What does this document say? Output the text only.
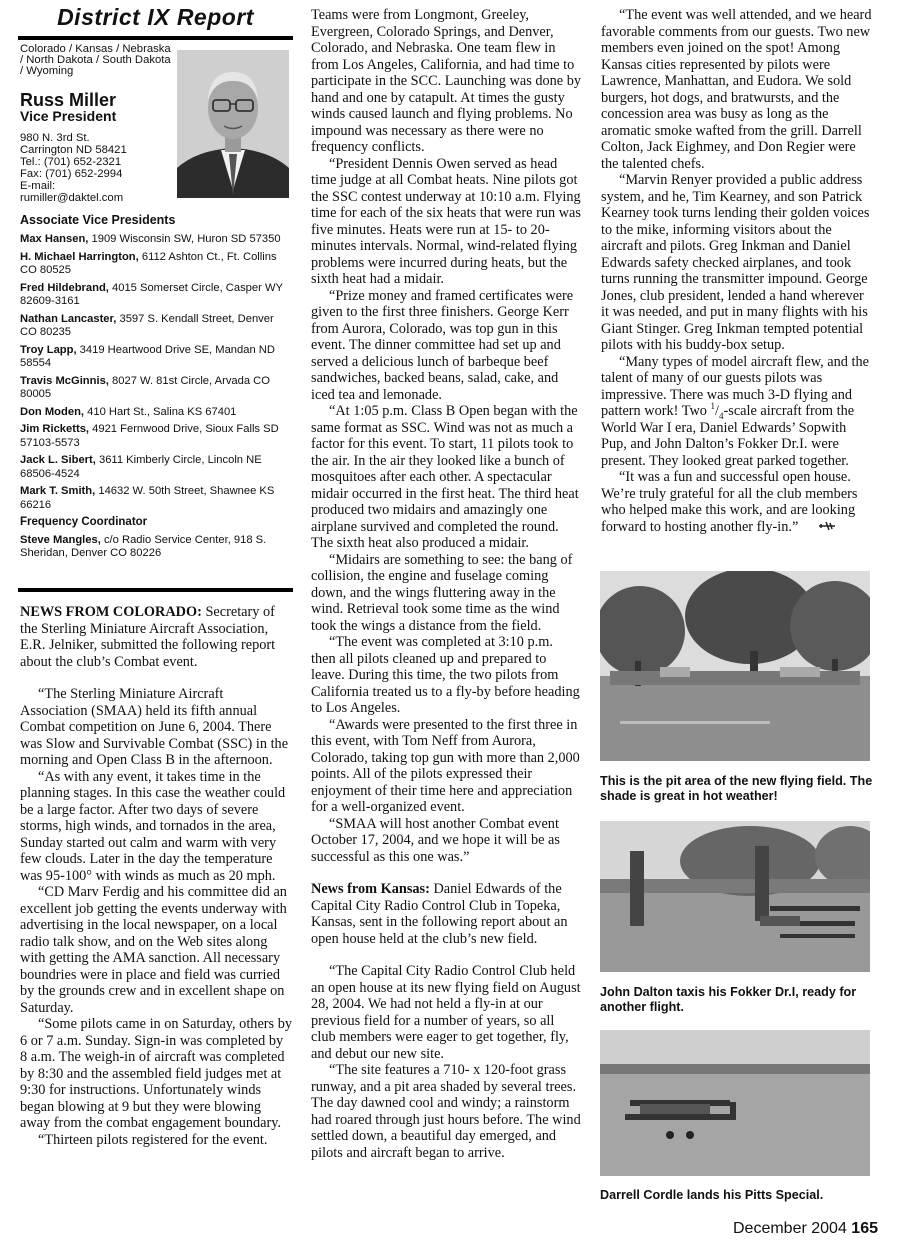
District IX Report
Colorado / Kansas / Nebraska / North Dakota / South Dakota / Wyoming
Russ Miller
Vice President
980 N. 3rd St.
Carrington ND 58421
Tel.: (701) 652-2321
Fax: (701) 652-2994
E-mail:
rumiller@daktel.com
Associate Vice Presidents
Max Hansen, 1909 Wisconsin SW, Huron SD 57350
H. Michael Harrington, 6112 Ashton Ct., Ft. Collins CO 80525
Fred Hildebrand, 4015 Somerset Circle, Casper WY 82609-3161
Nathan Lancaster, 3597 S. Kendall Street, Denver CO 80235
Troy Lapp, 3419 Heartwood Drive SE, Mandan ND 58554
Travis McGinnis, 8027 W. 81st Circle, Arvada CO 80005
Don Moden, 410 Hart St., Salina KS 67401
Jim Ricketts, 4921 Fernwood Drive, Sioux Falls SD 57103-5573
Jack L. Sibert, 3611 Kimberly Circle, Lincoln NE 68506-4524
Mark T. Smith, 14632 W. 50th Street, Shawnee KS 66216
Frequency Coordinator
Steve Mangles, c/o Radio Service Center, 918 S. Sheridan, Denver CO 80226

NEWS FROM COLORADO: Secretary of the Sterling Miniature Aircraft Association, E.R. Jelniker, submitted the following report about the club’s Combat event.

“The Sterling Miniature Aircraft Association (SMAA) held its fifth annual Combat competition on June 6, 2004. There was Slow and Survivable Combat (SSC) in the morning and Open Class B in the afternoon.

“As with any event, it takes time in the planning stages. In this case the weather could be a large factor. After two days of severe storms, high winds, and tornados in the area, Sunday started out calm and warm with very few clouds. Later in the day the temperature was 95-100° with winds as much as 20 mph.

“CD Marv Ferdig and his committee did an excellent job getting the events underway with advertising in the local newspaper, on a local radio talk show, and on the Web sites along with getting the AMA sanction. All necessary boundries were in place and field was curried by the grounds crew and in excellent shape on Saturday.

“Some pilots came in on Saturday, others by 6 or 7 a.m. Sunday. Sign-in was completed by 8 a.m. The weigh-in of aircraft was completed by 8:30 and the assembled field judges met at 9:30 for instructions. Unfortunately winds began blowing at 9 but they were blowing away from the combat engagement boundary.

“Thirteen pilots registered for the event.

Teams were from Longmont, Greeley, Evergreen, Colorado Springs, and Denver, Colorado, and Nebraska. One team flew in from Los Angeles, California, and had time to participate in the SCC. Launching was done by hand and one by catapult. At times the gusty winds caused launch and flying problems. No impound was necessary as there were no frequency conflicts.

“President Dennis Owen served as head time judge at all Combat heats. Nine pilots got the SSC contest underway at 10:10 a.m. Flying time for each of the six heats that were run was five minutes. Heats were run at 15- to 20-minutes intervals. Normal, wind-related flying problems were incurred during heats, but the sixth heat had a midair.

“Prize money and framed certificates were given to the first three finishers. George Kerr from Aurora, Colorado, was top gun in this event. The dinner committee had set up and served a delicious lunch of barbeque beef sandwiches, backed beans, salad, cake, and iced tea and lemonade.

“At 1:05 p.m. Class B Open began with the same format as SSC. Wind was not as much a factor for this event. To start, 11 pilots took to the air. In the air they looked like a bunch of mosquitoes after each other. A spectacular midair occurred in the first heat. The third heat produced two midairs and amazingly one airplane survived and completed the round. The sixth heat also produced a midair.

“Midairs are something to see: the bang of collision, the engine and fuselage coming down, and the wings fluttering away in the wind. Retrieval took some time as the wind took the wings a distance from the field.

“The event was completed at 3:10 p.m. then all pilots cleaned up and prepared to leave. During this time, the two pilots from California treated us to a fly-by before heading to Los Angeles.

“Awards were presented to the first three in this event, with Tom Neff from Aurora, Colorado, taking top gun with more than 2,000 points. All of the pilots expressed their enjoyment of their time here and appreciation for a well-organized event.

“SMAA will host another Combat event October 17, 2004, and we hope it will be as successful as this one was.”

News from Kansas: Daniel Edwards of the Capital City Radio Control Club in Topeka, Kansas, sent in the following report about an open house held at the club’s new field.

“The Capital City Radio Control Club held an open house at its new flying field on August 28, 2004. We had not held a fly-in at our previous field for a number of years, so all club members were eager to get together, fly, and debut our new site.

“The site features a 710- x 120-foot grass runway, and a pit area shaded by several trees. The day dawned cool and windy; a rainstorm had roared through just hours before. The wind settled down, a beautiful day emerged, and pilots and aircraft began to arrive.

“The event was well attended, and we heard favorable comments from our guests. Two new members even joined on the spot! Among Kansas cities represented by pilots were Lawrence, Manhattan, and Eudora. We sold burgers, hot dogs, and bratwursts, and the concession area was busy as long as the aromatic smoke wafted from the grill. Darrell Colton, Jack Eighmey, and Don Regier were the talented chefs.

“Marvin Renyer provided a public address system, and he, Tim Kearney, and son Patrick Kearney took turns lending their golden voices to the mike, informing visitors about the aircraft and pilots. Greg Inkman and Daniel Edwards safety checked airplanes, and took turns running the transmitter impound. George Jones, club president, lended a hand wherever it was needed, and put in many flights with his Giant Stinger. Greg Inkman tempted potential pilots with his buddy-box setup.

“Many types of model aircraft flew, and the talent of many of our guests pilots was impressive. There was much 3-D flying and pattern work! Two $^1/_4$-scale aircraft from the World War I era, Daniel Edwards’ Sopwith Pup, and John Dalton’s Fokker Dr.I. were present. They looked great parked together.

“It was a fun and successful open house. We’re truly grateful for all the club members who helped make this work, and are looking forward to hosting another fly-in.”

This is the pit area of the new flying field. The shade is great in hot weather!
John Dalton taxis his Fokker Dr.I, ready for another flight.
Darrell Cordle lands his Pitts Special.
December 2004 165
